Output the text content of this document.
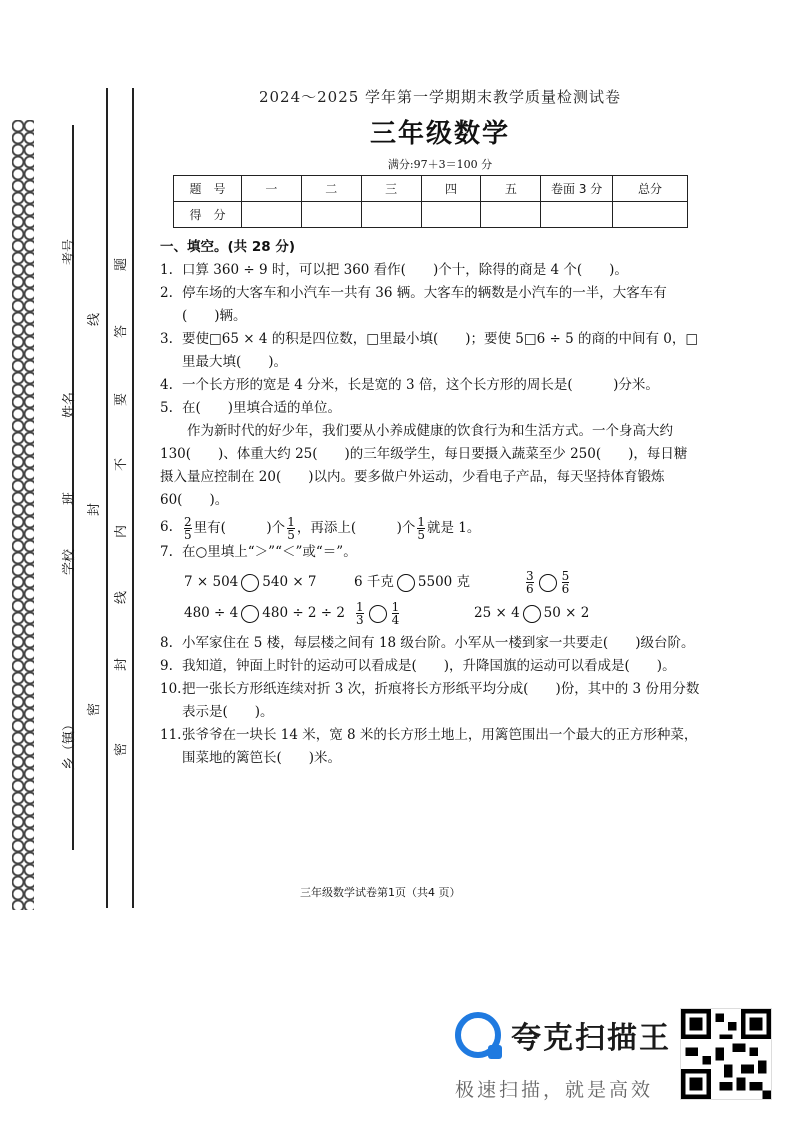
乡（镇）
学校
班
姓名
考号
密
封
线
密
封
线
内
不
要
答
题
2024～2025 学年第一学期期末教学质量检测试卷
三年级数学
满分:97＋3＝100 分
题　号	一	二	三	四	五	卷面 3 分	总分
得　分							
一、填空。(共 28 分)
1. 口算 360 ÷ 9 时，可以把 360 看作(　　)个十，除得的商是 4 个(　　)。
2. 停车场的大客车和小汽车一共有 36 辆。大客车的辆数是小汽车的一半，大客车有(　　)辆。
3. 要使□65 × 4 的积是四位数，□里最小填(　　)；要使 5□6 ÷ 5 的商的中间有 0，□里最大填(　　)。
4. 一个长方形的宽是 4 分米，长是宽的 3 倍，这个长方形的周长是(　　　)分米。
5. 在(　　)里填合适的单位。
作为新时代的好少年，我们要从小养成健康的饮食行为和生活方式。一个身高大约 130(　　)、体重大约 25(　　)的三年级学生，每日要摄入蔬菜至少 250(　　)，每日糖摄入量应控制在 20(　　)以内。要多做户外运动，少看电子产品，每天坚持体育锻炼 60(　　)。
6. $\frac{2}{5}$ 里有(　　　)个 $\frac{1}{5}$ ，再添上(　　　)个 $\frac{1}{5}$ 就是 1。
7. 在○里填上“＞”“＜”或“＝”。
7 × 504 540 × 7	6 千克 5500 克	$\frac{3}{6} \frac{5}{6}$
480 ÷ 4 $480 \div 2 \div 2 \frac{1}{3} \frac{1}{4}$	25 × 4 50 × 2
8. 小军家住在 5 楼，每层楼之间有 18 级台阶。小军从一楼到家一共要走(　　)级台阶。
9. 我知道，钟面上时针的运动可以看成是(　　)，升降国旗的运动可以看成是(　　)。
10. 把一张长方形纸连续对折 3 次，折痕将长方形纸平均分成(　　)份，其中的 3 份用分数表示是(　　)。
11. 张爷爷在一块长 14 米，宽 8 米的长方形土地上，用篱笆围出一个最大的正方形种菜，围菜地的篱笆长(　　)米。
三年级数学试卷第1页（共4 页）
夸克扫描王
极速扫描，就是高效
